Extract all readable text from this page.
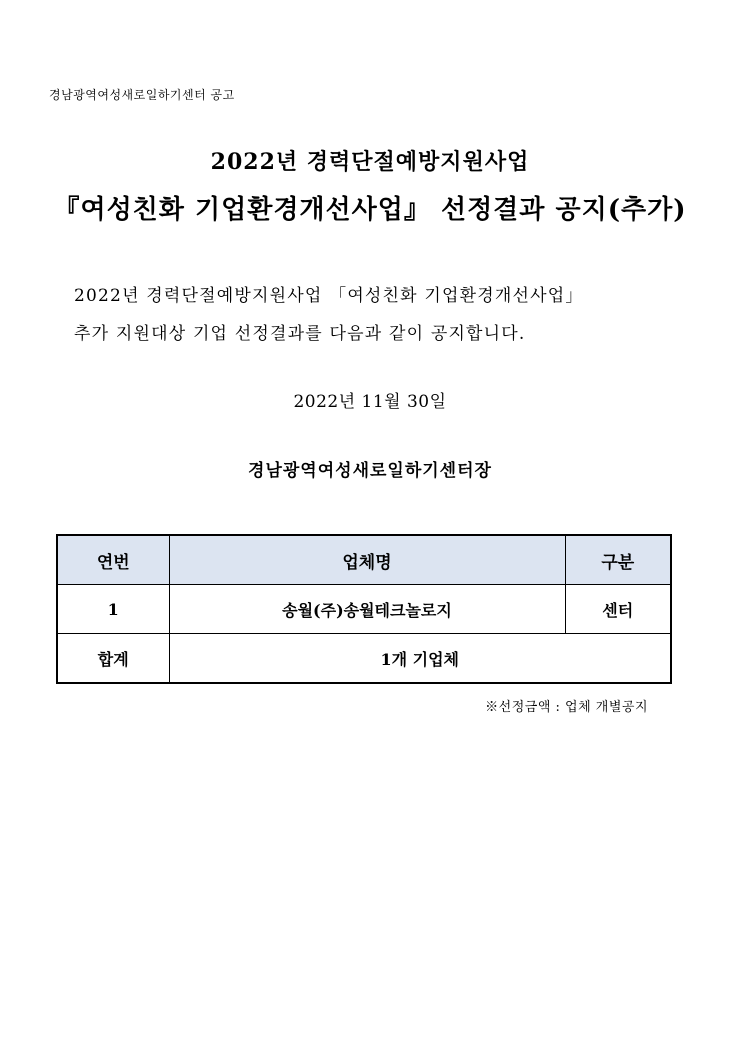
경남광역여성새로일하기센터 공고
2022년 경력단절예방지원사업
『여성친화 기업환경개선사업』 선정결과 공지(추가)
2022년 경력단절예방지원사업 「여성친화 기업환경개선사업」
추가 지원대상 기업 선정결과를 다음과 같이 공지합니다.
2022년 11월 30일
경남광역여성새로일하기센터장
연번	업체명	구분
1	송월(주)송월테크놀로지	센터
합계	1개 기업체	
※선정금액 : 업체 개별공지
